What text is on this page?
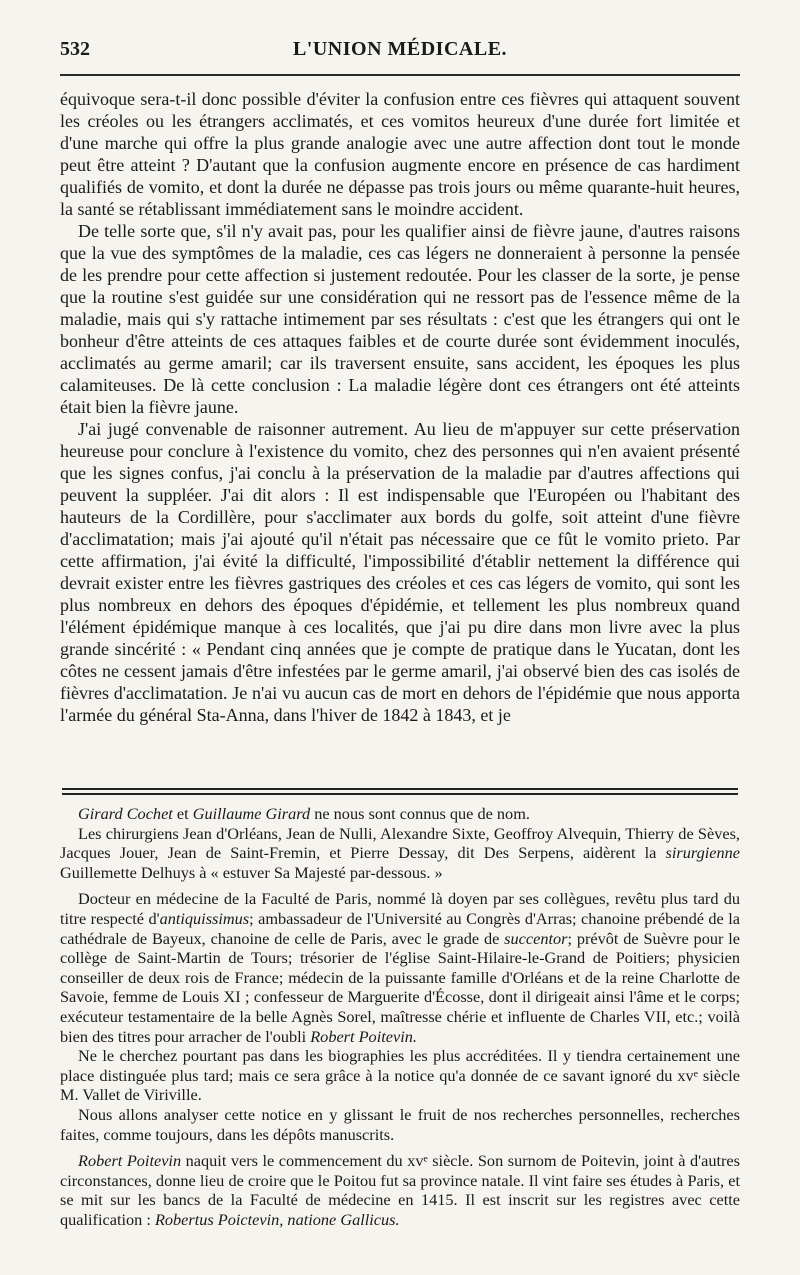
532	L'UNION MÉDICALE.

équivoque sera-t-il donc possible d'éviter la confusion entre ces fièvres qui attaquent souvent les créoles ou les étrangers acclimatés, et ces vomitos heureux d'une durée fort limitée et d'une marche qui offre la plus grande analogie avec une autre affection dont tout le monde peut être atteint ? D'autant que la confusion augmente encore en présence de cas hardiment qualifiés de vomito, et dont la durée ne dépasse pas trois jours ou même quarante-huit heures, la santé se rétablissant immédiatement sans le moindre accident.

De telle sorte que, s'il n'y avait pas, pour les qualifier ainsi de fièvre jaune, d'autres raisons que la vue des symptômes de la maladie, ces cas légers ne donneraient à personne la pensée de les prendre pour cette affection si justement redoutée. Pour les classer de la sorte, je pense que la routine s'est guidée sur une considération qui ne ressort pas de l'essence même de la maladie, mais qui s'y rattache intimement par ses résultats : c'est que les étrangers qui ont le bonheur d'être atteints de ces attaques faibles et de courte durée sont évidemment inoculés, acclimatés au germe amaril; car ils traversent ensuite, sans accident, les époques les plus calamiteuses. De là cette conclusion : La maladie légère dont ces étrangers ont été atteints était bien la fièvre jaune.

J'ai jugé convenable de raisonner autrement. Au lieu de m'appuyer sur cette préservation heureuse pour conclure à l'existence du vomito, chez des personnes qui n'en avaient présenté que les signes confus, j'ai conclu à la préservation de la maladie par d'autres affections qui peuvent la suppléer. J'ai dit alors : Il est indispensable que l'Européen ou l'habitant des hauteurs de la Cordillère, pour s'acclimater aux bords du golfe, soit atteint d'une fièvre d'acclimatation; mais j'ai ajouté qu'il n'était pas nécessaire que ce fût le vomito prieto. Par cette affirmation, j'ai évité la difficulté, l'impossibilité d'établir nettement la différence qui devrait exister entre les fièvres gastriques des créoles et ces cas légers de vomito, qui sont les plus nombreux en dehors des époques d'épidémie, et tellement les plus nombreux quand l'élément épidémique manque à ces localités, que j'ai pu dire dans mon livre avec la plus grande sincérité : « Pendant cinq années que je compte de pratique dans le Yucatan, dont les côtes ne cessent jamais d'être infestées par le germe amaril, j'ai observé bien des cas isolés de fièvres d'acclimatation. Je n'ai vu aucun cas de mort en dehors de l'épidémie que nous apporta l'armée du général Sta-Anna, dans l'hiver de 1842 à 1843, et je

Girard Cochet et Guillaume Girard ne nous sont connus que de nom.

Les chirurgiens Jean d'Orléans, Jean de Nulli, Alexandre Sixte, Geoffroy Alvequin, Thierry de Sèves, Jacques Jouer, Jean de Saint-Fremin, et Pierre Dessay, dit Des Serpens, aidèrent la sirurgienne Guillemette Delhuys à « estuver Sa Majesté par-dessous. »

Docteur en médecine de la Faculté de Paris, nommé là doyen par ses collègues, revêtu plus tard du titre respecté d'antiquissimus; ambassadeur de l'Université au Congrès d'Arras; chanoine prébendé de la cathédrale de Bayeux, chanoine de celle de Paris, avec le grade de succentor; prévôt de Suèvre pour le collège de Saint-Martin de Tours; trésorier de l'église Saint-Hilaire-le-Grand de Poitiers; physicien conseiller de deux rois de France; médecin de la puissante famille d'Orléans et de la reine Charlotte de Savoie, femme de Louis XI ; confesseur de Marguerite d'Écosse, dont il dirigeait ainsi l'âme et le corps; exécuteur testamentaire de la belle Agnès Sorel, maîtresse chérie et influente de Charles VII, etc.; voilà bien des titres pour arracher de l'oubli Robert Poitevin.

Ne le cherchez pourtant pas dans les biographies les plus accréditées. Il y tiendra certainement une place distinguée plus tard; mais ce sera grâce à la notice qu'a donnée de ce savant ignoré du xvᵉ siècle M. Vallet de Viriville.

Nous allons analyser cette notice en y glissant le fruit de nos recherches personnelles, recherches faites, comme toujours, dans les dépôts manuscrits.

Robert Poitevin naquit vers le commencement du xvᵉ siècle. Son surnom de Poitevin, joint à d'autres circonstances, donne lieu de croire que le Poitou fut sa province natale. Il vint faire ses études à Paris, et se mit sur les bancs de la Faculté de médecine en 1415. Il est inscrit sur les registres avec cette qualification : Robertus Poictevin, natione Gallicus.
